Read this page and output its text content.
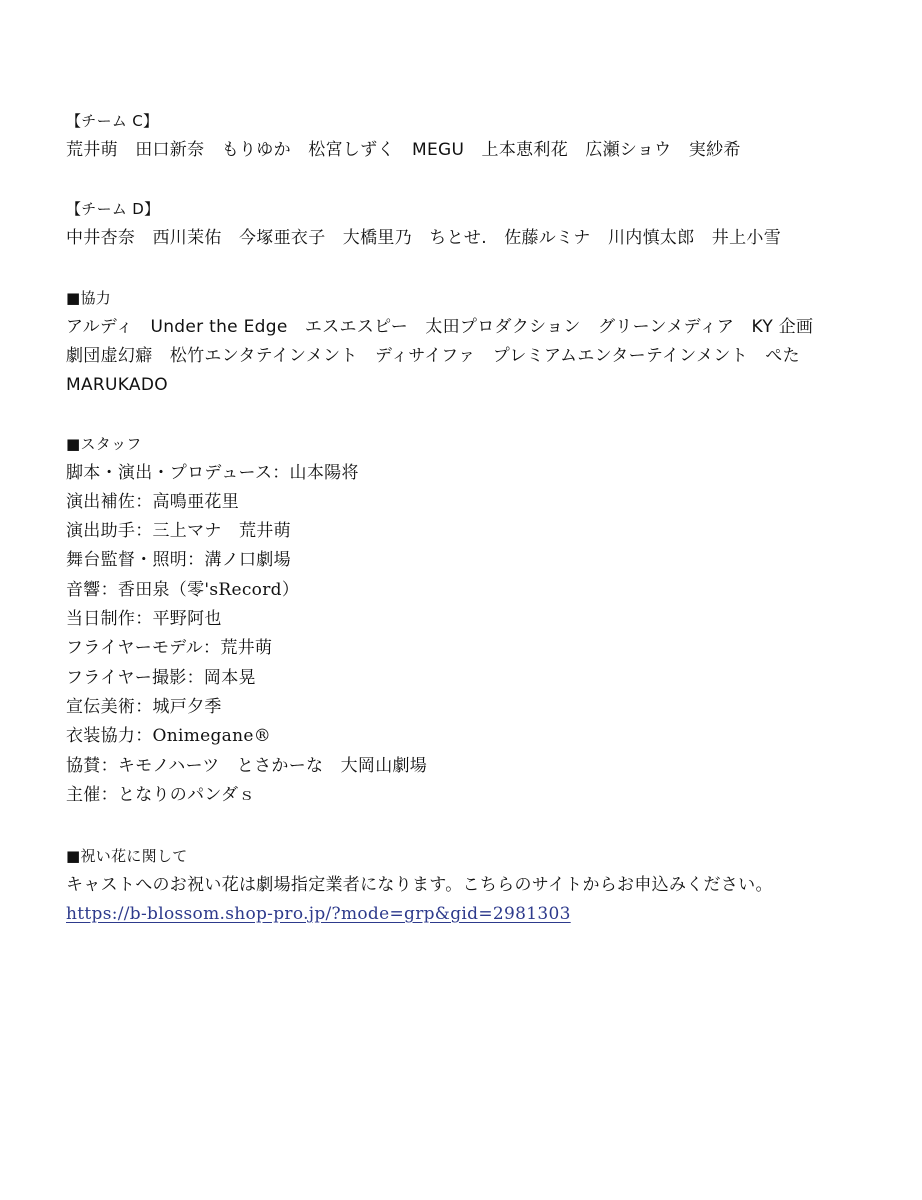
【チーム C】
荒井萌　田口新奈　もりゆか　松宮しずく　MEGU　上本恵利花　広瀬ショウ　実紗希
【チーム D】
中井杏奈　西川茉佑　今塚亜衣子　大橋里乃　ちとせ.　佐藤ルミナ　川内慎太郎　井上小雪
■協力
アルディ　Under the Edge　エスエスピー　太田プロダクション　グリーンメディア　KY 企画
劇団虚幻癖　松竹エンタテインメント　ディサイファ　プレミアムエンターテインメント　ぺた
MARUKADO
■スタッフ
脚本・演出・プロデュース：山本陽将
演出補佐：高鳴亜花里
演出助手：三上マナ　荒井萌
舞台監督・照明：溝ノ口劇場
音響：香田泉（零'sRecord）
当日制作：平野阿也
フライヤーモデル：荒井萌
フライヤー撮影：岡本晃
宣伝美術：城戸夕季
衣装協力：Onimegane®
協賛：キモノハーツ　とさかーな　大岡山劇場
主催：となりのパンダｓ
■祝い花に関して
キャストへのお祝い花は劇場指定業者になります。こちらのサイトからお申込みください。
https://b-blossom.shop-pro.jp/?mode=grp&gid=2981303
